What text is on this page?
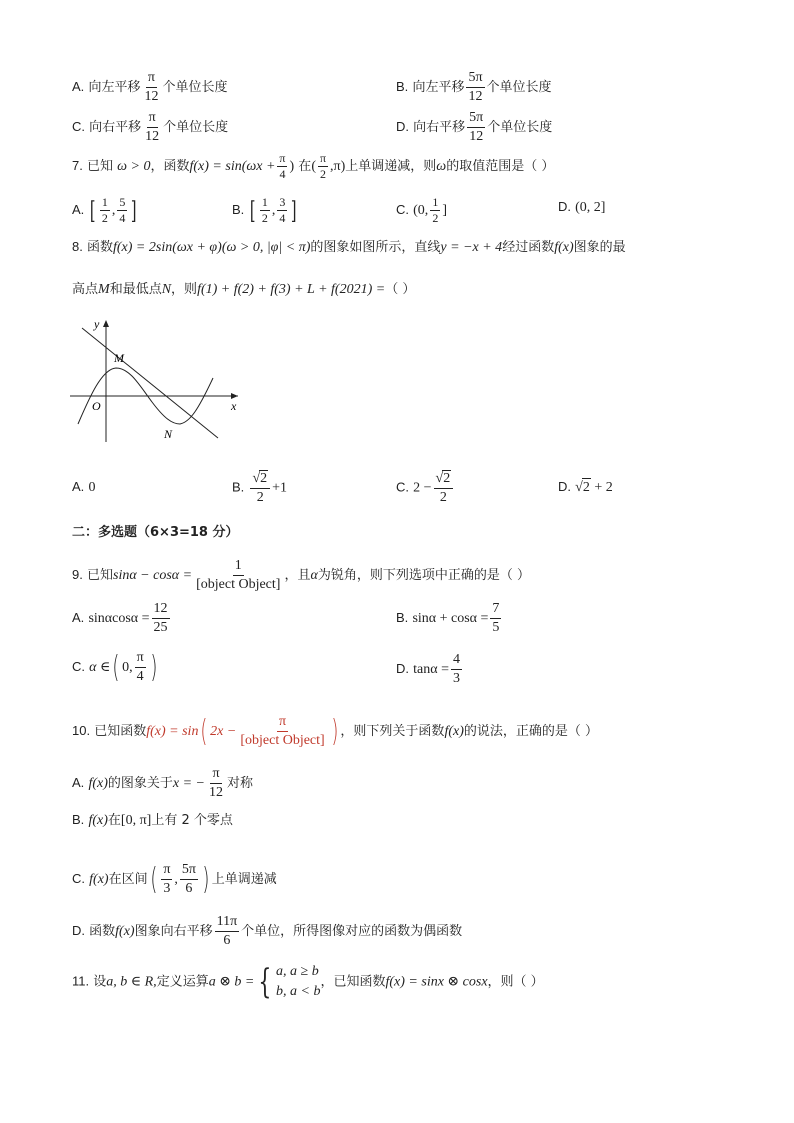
A. 向左平移 $\frac{\pi}{12}$ 个单位长度	B. 向左平移 $\frac{5\pi}{12}$ 个单位长度
C. 向右平移 $\frac{\pi}{12}$ 个单位长度	D. 向右平移 $\frac{5\pi}{12}$ 个单位长度
7. 已知 ω > 0，函数$f(x) = \sin(\omega x + \frac{\pi}{4}$ ) 在( $\frac{\pi}{2} ,\pi$)上单调递减，则ω的取值范围是（ ）
A. [ $\frac{1}{2}$ , $\frac{5}{4}$ ]	B. [ $\frac{1}{2}$ , $\frac{3}{4}$ ]	C. (0, $\frac{1}{2}$ ]	D. (0, 2]
8. 函数f(x) = 2sin(ωx + φ)(ω > 0, |φ| < π)的图象如图所示，直线y = −x + 4经过函数f(x)图象的最
高点M和最低点N，则f(1) + f(2) + f(3) + L + f(2021) =（ ）
y
x
O
M
N
A. 0	B. $\frac{√2}{2} +1$	C. $2 - \frac{√2}{2}$	D. √2 + 2
二：多选题（6×3=18 分）
9. 已知$\sin\alpha - \cos\alpha = \frac{1}{\text{[object Object]}}$ ，且α为锐角，则下列选项中正确的是（ ）
A. $\sin\alpha\cos\alpha = \frac{12}{25}$	B. $\sin\alpha + \cos\alpha = \frac{7}{5}$
C. α ∈( 0, $\frac{\pi}{4}$ )	D. $\tan\alpha = \frac{4}{3}$
10. 已知函数f(x) = sin( $2x - \frac{\pi}{\text{[object Object]}}$ ) ，则下列关于函数f(x)的说法，正确的是（ ）
A. f(x)的图象关于x = − $\frac{\pi}{12}$ 对称
B. f(x)在[0, π]上有 2 个零点
C. f(x)在区间( $\frac{\pi}{3}$ , $\frac{5\pi}{6}$ ) 上单调递减
D. 函数f(x)图象向右平移 $\frac{11\pi}{6}$ 个单位，所得图像对应的函数为偶函数
11. 设a, b ∈ R,定义运算a ⊗ b = { a, a ≥ b
b, a < b
，已知函数f(x) = sinx ⊗ cosx，则（ ）
